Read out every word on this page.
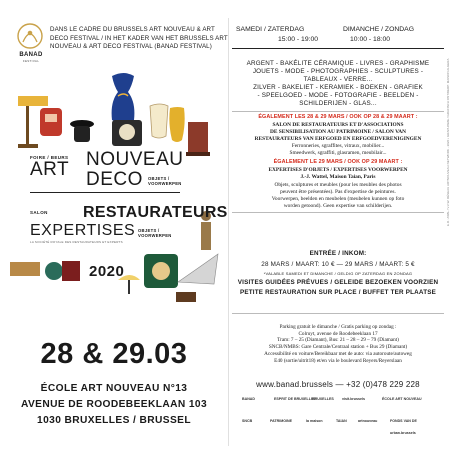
BANAD
FESTIVAL
DANS LE CADRE DU BRUSSELS ART NOUVEAU & ART DECO FESTIVAL / IN HET KADER VAN HET BRUSSELS ART NOUVEAU & ART DECO FESTIVAL (BANAD FESTIVAL)
FOIRE / BEURS
ART NOUVEAU
DECO OBJETS /
VOORWERPEN
SALON RESTAURATEURS
EXPERTISES OBJETS /
VOORWERPEN
LA SOCIÉTÉ ROYALE DES RESTAURATEURS ET EXPERTS
2020
28 & 29.03
ÉCOLE ART NOUVEAU N°13
AVENUE DE ROODEBEEKLAAN 103
1030 BRUXELLES / BRUSSEL
SAMEDI / ZATERDAG
15:00 - 19:00
DIMANCHE / ZONDAG
10:00 - 18:00
ARGENT - BAKÉLITE CÉRAMIQUE - LIVRES - GRAPHISME
JOUETS - MODE - PHOTOGRAPHIES - SCULPTURES -
TABLEAUX - VERRE...
ZILVER - BAKELIET - KERAMIEK - BOEKEN - GRAFIEK
- SPEELGOED - MODE - FOTOGRAFIE - BEELDEN -
SCHILDERIJEN - GLAS...
ÉGALEMENT LES 28 & 29 MARS / OOK OP 28 & 29 MAART :
SALON DE RESTAURATEURS ET D'ASSOCIATIONS
DE SENSIBILISATION AU PATRIMOINE / SALON VAN
RESTAURATEURS VAN ERFGOED EN ERFGOEDVERENIGINGEN
Ferronneries, sgraffites, vitraux, mobilier...
Smeedwerk, sgraffiti, glasramen, meubilair...
ÉGALEMENT LE 29 MARS / OOK OP 29 MAART :
EXPERTISES D'OBJETS / EXPERTISES VOORWERPEN
J.-J. Wattel, Maison Taian, Paris
Objets, sculptures et meubles (pour les meubles des photos
peuvent être présentées). Pas d'expertise de peintures.
Voorwerpen, beelden en meubelen (meubelen kunnen op foto
worden getoond). Geen expertise van schilderijen.
ENTRÉE / INKOM:
28 MARS / MAART: 10 € — 29 MARS / MAART: 5 €
*VALABLE SAMEDI ET DIMANCHE / GELDIG OP ZATERDAG EN ZONDAG
VISITES GUIDÉES PRÉVUES / GELEIDE BEZOEKEN VOORZIEN
PETITE RESTAURATION SUR PLACE / BUFFET TER PLAATSE
Parking gratuit le dimanche / Gratis parking op zondag :
Colruyt, avenue de Roodebeeklaan 17
Tram: 7 – 25 (Diamant), Bus: 21 – 28 – 29 – 79 (Diamant)
SNCB/NMBS: Gare Centrale/Centraal station + Bus 29 (Diamant)
Accessibilité en voiture/Bereikbaar met de auto: via autoroute/autoweg
E40 (sortie/uitrit18) et/en via le boulevard Reyers/Reyerslaan
www.banad.brussels — +32 (0)478 229 228
BANAD	ESPRIT DE BRUXELLES
BRUXELLES visit.brussels	ÉCOLE ART NOUVEAU
SNCB	PATRIMOINE	la maison	TAIAN	artnouveau	FONDS VAN DE
urban.brussels
E.R.: ASBL / V.Z.W. RÉSEAU ARTNOUVEAU NETWORK - 2020 • GRAPHISME / GRAFISCH ONTWERP: MAISON ALGERA
